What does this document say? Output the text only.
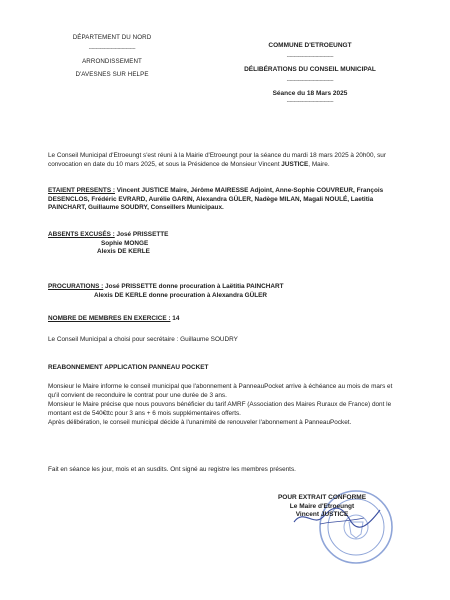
DÉPARTEMENT DU NORD
----------------------------------
ARRONDISSEMENT
D'AVESNES SUR HELPE
COMMUNE D'ETROEUNGT
----------------------------------
DÉLIBÉRATIONS DU CONSEIL MUNICIPAL
----------------------------------
Séance du 18 Mars 2025
----------------------------------
Le Conseil Municipal d'Etroeungt s'est réuni à la Mairie d'Etroeungt pour la séance du mardi 18 mars 2025 à 20h00, sur convocation en date du 10 mars 2025, et sous la Présidence de Monsieur Vincent JUSTICE, Maire.
ETAIENT PRESENTS : Vincent JUSTICE Maire, Jérôme MAIRESSE Adjoint, Anne-Sophie COUVREUR, François DESENCLOS, Frédéric EVRARD, Aurélie GARIN, Alexandra GÜLER, Nadège MILAN, Magali NOULÉ, Laetitia PAINCHART, Guillaume SOUDRY, Conseillers Municipaux.
ABSENTS EXCUSÉS : José PRISSETTE
Sophie MONGE
Alexis DE KERLE
PROCURATIONS : José PRISSETTE donne procuration à Laëtitia PAINCHART
Alexis DE KERLE donne procuration à Alexandra GÜLER
NOMBRE DE MEMBRES EN EXERCICE : 14
Le Conseil Municipal a choisi pour secrétaire : Guillaume SOUDRY
REABONNEMENT APPLICATION PANNEAU POCKET
Monsieur le Maire informe le conseil municipal que l'abonnement à PanneauPocket arrive à échéance au mois de mars et qu'il convient de reconduire le contrat pour une durée de 3 ans.
Monsieur le Maire précise que nous pouvons bénéficier du tarif AMRF (Association des Maires Ruraux de France) dont le montant est de 540€ttc pour 3 ans + 6 mois supplémentaires offerts.
Après délibération, le conseil municipal décide à l'unanimité de renouveler l'abonnement à PanneauPocket.
Fait en séance les jour, mois et an susdits. Ont signé au registre les membres présents.
POUR EXTRAIT CONFORME
Le Maire d'Etroeungt
Vincent JUSTICE
